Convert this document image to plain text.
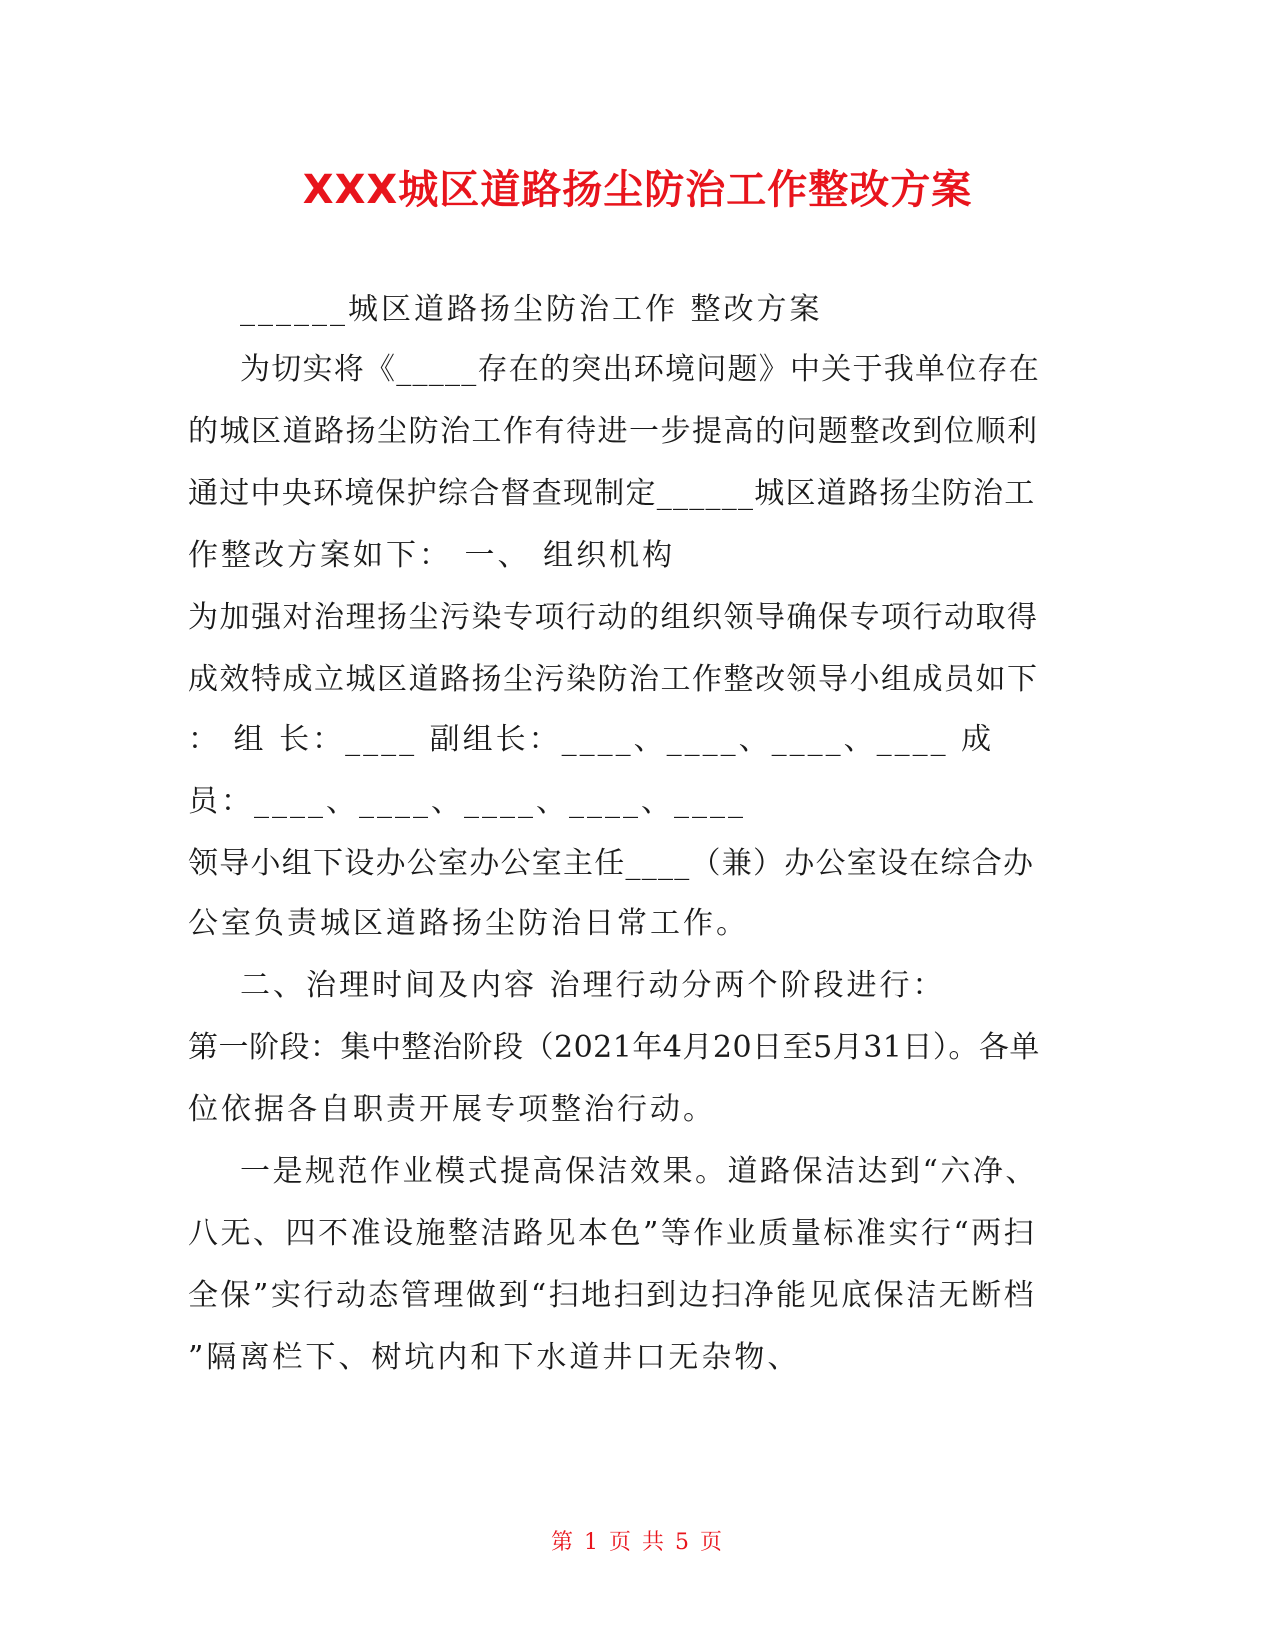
XXX城区道路扬尘防治工作整改方案
______城区道路扬尘防治工作 整改方案
为切实将《_____存在的突出环境问题》中关于我单位存在
的城区道路扬尘防治工作有待进一步提高的问题整改到位顺利
通过中央环境保护综合督查现制定______城区道路扬尘防治工
作整改方案如下： 一、 组织机构
为加强对治理扬尘污染专项行动的组织领导确保专项行动取得
成效特成立城区道路扬尘污染防治工作整改领导小组成员如下
： 组 长：____ 副组长：____、____、____、____ 成
员：____、____、____、____、____
领导小组下设办公室办公室主任____（兼）办公室设在综合办
公室负责城区道路扬尘防治日常工作。
二、治理时间及内容 治理行动分两个阶段进行：
第一阶段：集中整治阶段（2021年4月20日至5月31日）。各单
位依据各自职责开展专项整治行动。
一是规范作业模式提高保洁效果。道路保洁达到“六净、
八无、四不准设施整洁路见本色”等作业质量标准实行“两扫
全保”实行动态管理做到“扫地扫到边扫净能见底保洁无断档
”隔离栏下、树坑内和下水道井口无杂物、
第 1 页 共 5 页
